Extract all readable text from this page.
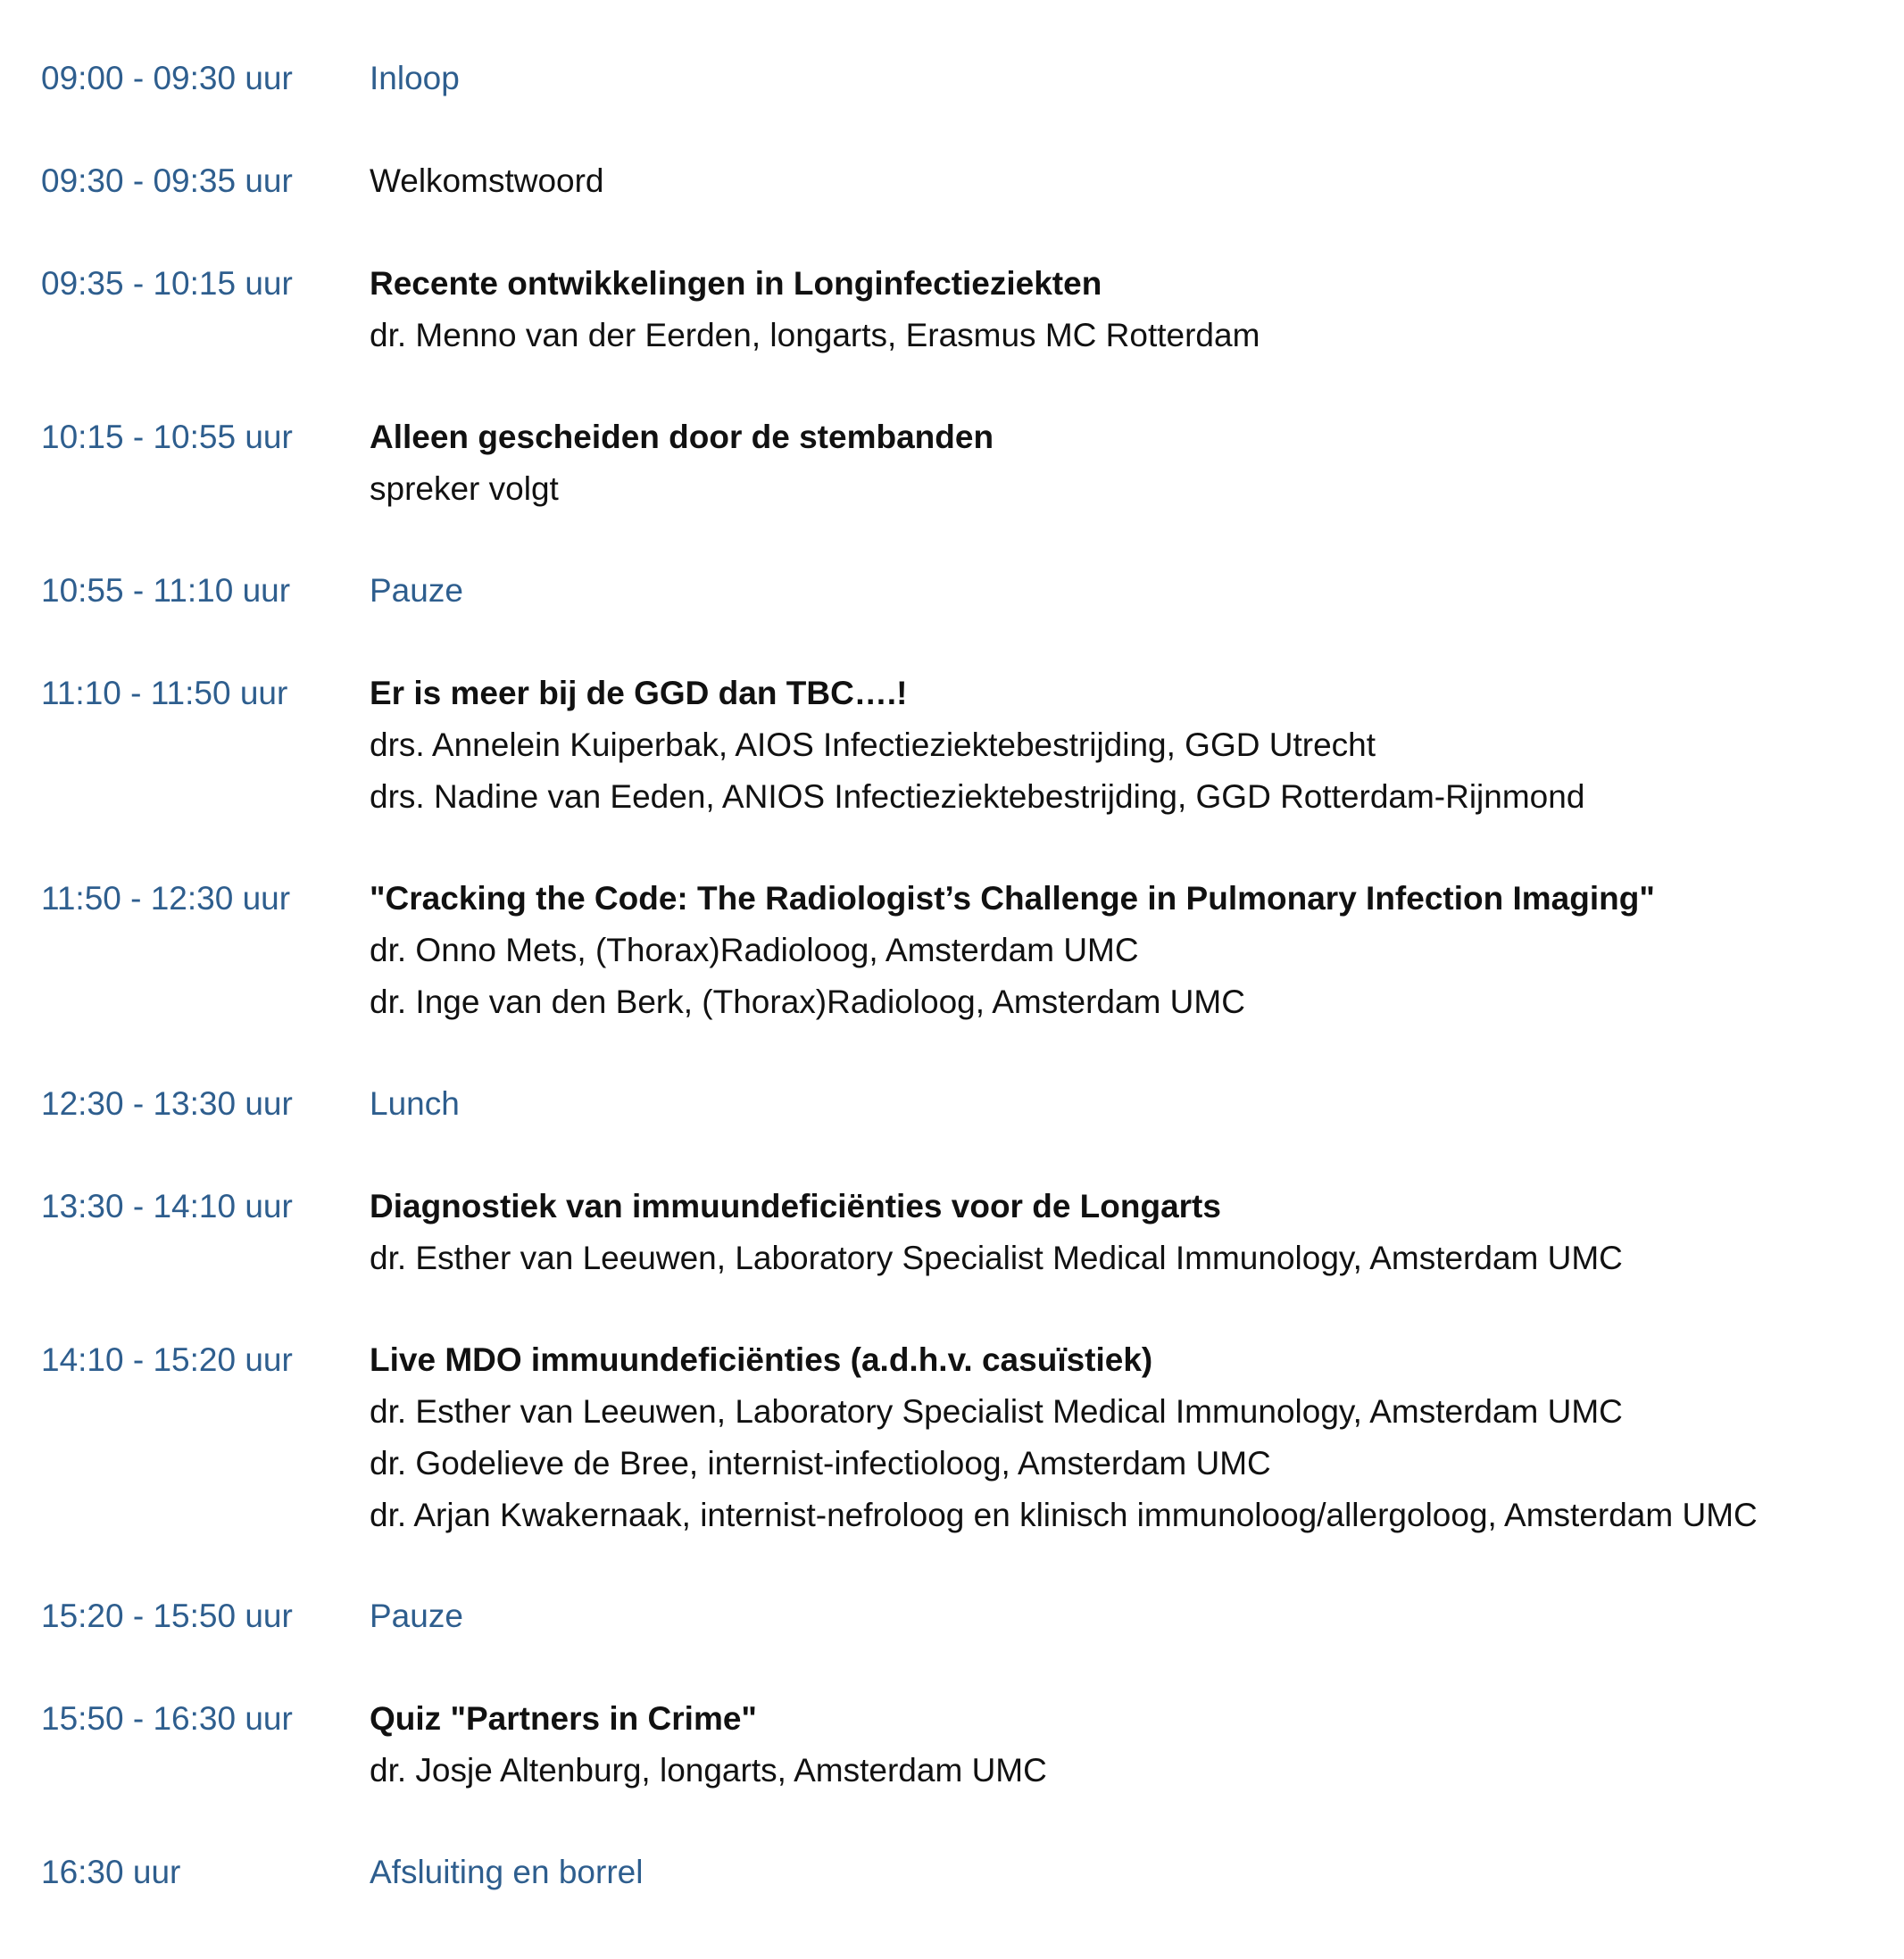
09:00 - 09:30 uur Inloop
09:30 - 09:35 uur Welkomstwoord
09:35 - 10:15 uur Recente ontwikkelingen in Longinfectieziekten
dr. Menno van der Eerden, longarts, Erasmus MC Rotterdam
10:15 - 10:55 uur Alleen gescheiden door de stembanden
spreker volgt
10:55 - 11:10 uur Pauze
11:10 - 11:50 uur Er is meer bij de GGD dan TBC….!
drs. Annelein Kuiperbak, AIOS Infectieziektebestrijding, GGD Utrecht
drs. Nadine van Eeden, ANIOS Infectieziektebestrijding, GGD Rotterdam-Rijnmond
11:50 - 12:30 uur "Cracking the Code: The Radiologist’s Challenge in Pulmonary Infection Imaging"
dr. Onno Mets, (Thorax)Radioloog, Amsterdam UMC
dr. Inge van den Berk, (Thorax)Radioloog, Amsterdam UMC
12:30 - 13:30 uur Lunch
13:30 - 14:10 uur Diagnostiek van immuundeficiënties voor de Longarts
dr. Esther van Leeuwen, Laboratory Specialist Medical Immunology, Amsterdam UMC
14:10 - 15:20 uur Live MDO immuundeficiënties (a.d.h.v. casuïstiek)
dr. Esther van Leeuwen, Laboratory Specialist Medical Immunology, Amsterdam UMC
dr. Godelieve de Bree, internist-infectioloog, Amsterdam UMC
dr. Arjan Kwakernaak, internist-nefroloog en klinisch immunoloog/allergoloog, Amsterdam UMC
15:20 - 15:50 uur Pauze
15:50 - 16:30 uur Quiz "Partners in Crime"
dr. Josje Altenburg, longarts, Amsterdam UMC
16:30 uur	Afsluiting en borrel
